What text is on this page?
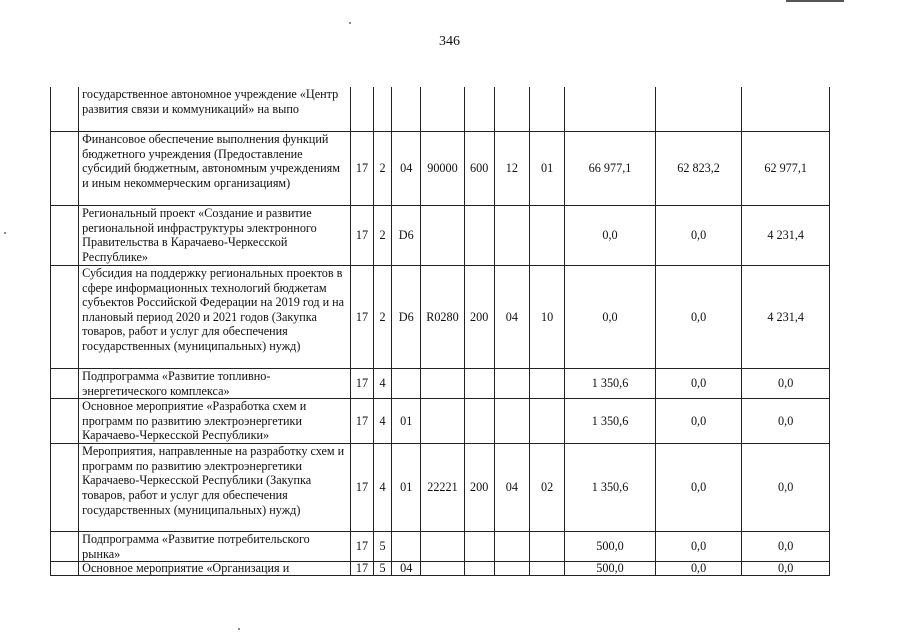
346
	государственное автономное учреждение «Центр развития связи и коммуникаций» на выпо										
	Финансовое обеспечение выполнения функций бюджетного учреждения (Предоставление субсидий бюджетным, автономным учреждениям и иным некоммерческим организациям)	17	2	04	90000	600	12	01	66 977,1	62 823,2	62 977,1
	Региональный проект «Создание и развитие региональной инфраструктуры электронного Правительства в Карачаево-Черкесской Республике»	17	2	D6					0,0	0,0	4 231,4
	Субсидия на поддержку региональных проектов в сфере информационных технологий бюджетам субъектов Российской Федерации на 2019 год и на плановый период 2020 и 2021 годов (Закупка товаров, работ и услуг для обеспечения государственных (муниципальных) нужд)	17	2	D6	R0280	200	04	10	0,0	0,0	4 231,4
	Подпрограмма «Развитие топливно-энергетического комплекса»	17	4						1 350,6	0,0	0,0
	Основное мероприятие «Разработка схем и программ по развитию электроэнергетики Карачаево-Черкесской Республики»	17	4	01					1 350,6	0,0	0,0
	Мероприятия, направленные на разработку схем и программ по развитию электроэнергетики Карачаево-Черкесской Республики (Закупка товаров, работ и услуг для обеспечения государственных (муниципальных) нужд)	17	4	01	22221	200	04	02	1 350,6	0,0	0,0
	Подпрограмма «Развитие потребительского рынка»	17	5						500,0	0,0	0,0
	Основное мероприятие «Организация и	17	5	04					500,0	0,0	0,0
